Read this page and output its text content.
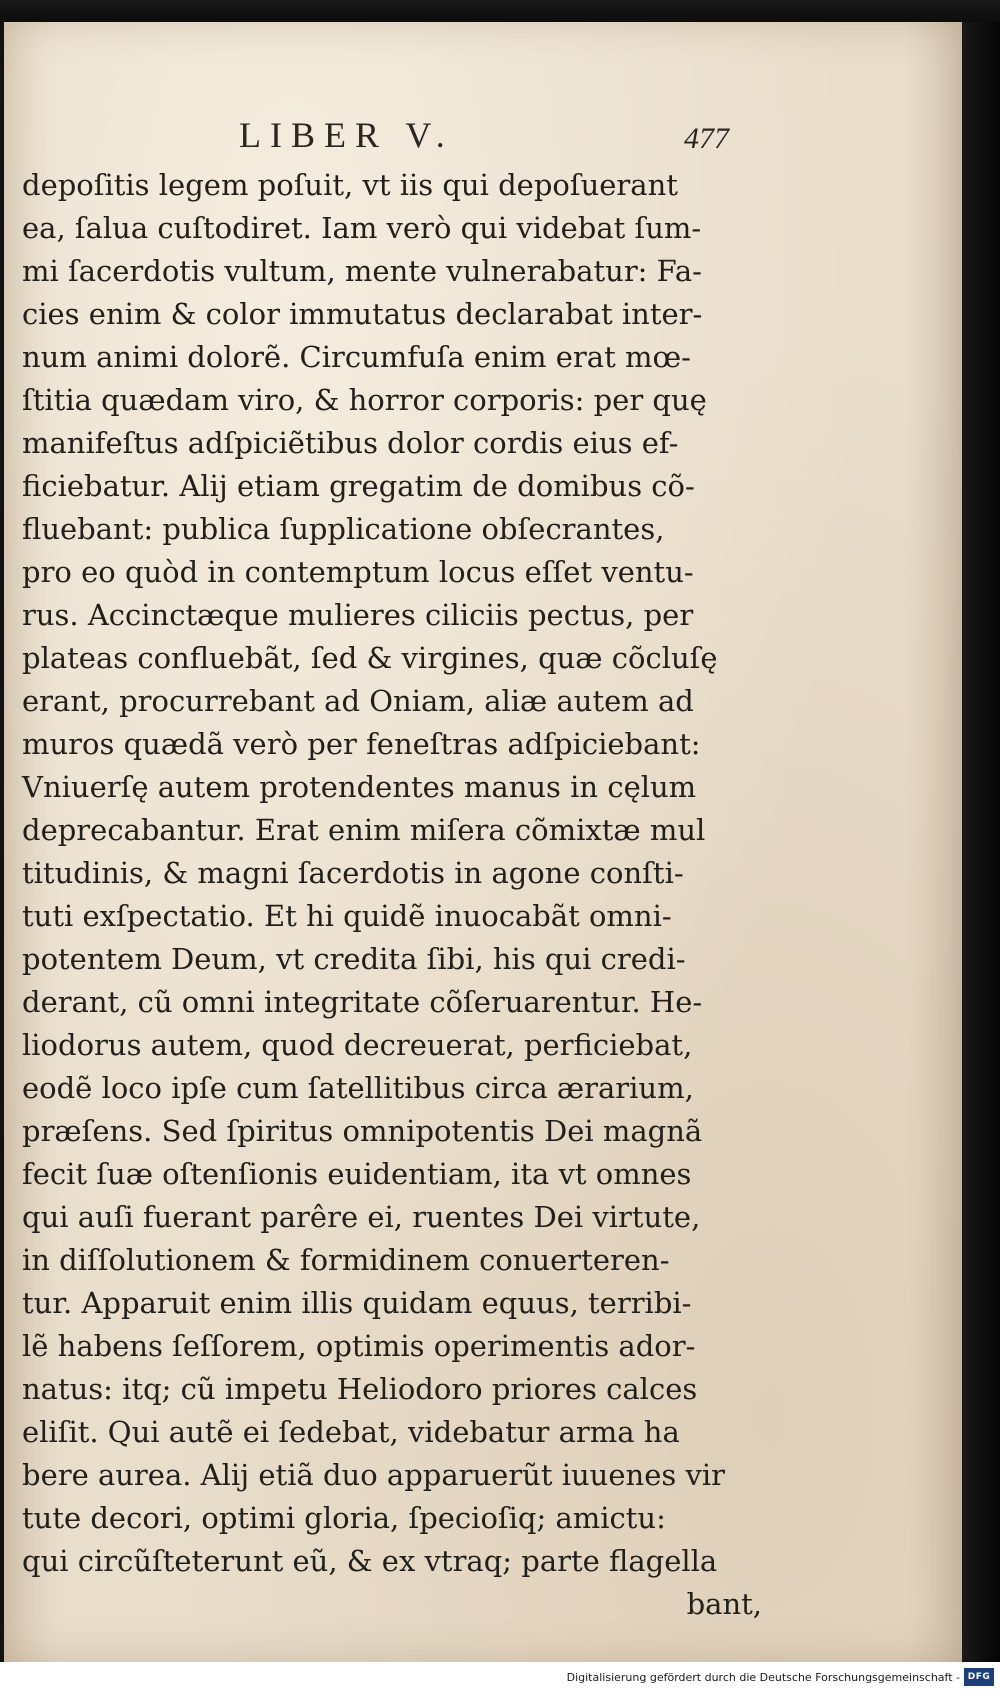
LIBER V.	477
depoſitis legem poſuit, vt iis qui depoſuerant
ea, ſalua cuſtodiret. Iam verò qui videbat ſum-
mi ſacerdotis vultum, mente vulnerabatur: Fa-
cies enim & color immutatus declarabat inter-
num animi dolorẽ. Circumfuſa enim erat mœ-
ſtitia quædam viro, & horror corporis: per quę
manifeſtus adſpiciẽtibus dolor cordis eius ef-
ficiebatur. Alij etiam gregatim de domibus cõ-
fluebant: publica ſupplicatione obſecrantes,
pro eo quòd in contemptum locus eſſet ventu-
rus. Accinctæque mulieres ciliciis pectus, per
plateas confluebãt, ſed & virgines, quæ cõcluſę
erant, procurrebant ad Oniam, aliæ autem ad
muros quædã verò per feneſtras adſpiciebant:
Vniuerſę autem protendentes manus in cęlum
deprecabantur. Erat enim miſera cõmixtæ mul
titudinis, & magni ſacerdotis in agone conſti-
tuti exſpectatio. Et hi quidẽ inuocabãt omni-
potentem Deum, vt credita ſibi, his qui credi-
derant, cũ omni integritate cõſeruarentur. He-
liodorus autem, quod decreuerat, perficiebat,
eodẽ loco ipſe cum ſatellitibus circa ærarium,
præſens. Sed ſpiritus omnipotentis Dei magnã
fecit ſuæ oſtenſionis euidentiam, ita vt omnes
qui auſi fuerant parêre ei, ruentes Dei virtute,
in diſſolutionem & formidinem conuerteren-
tur. Apparuit enim illis quidam equus, terribi-
lẽ habens ſeſſorem, optimis operimentis ador-
natus: itq; cũ impetu Heliodoro priores calces
eliſit. Qui autẽ ei ſedebat, videbatur arma ha
bere aurea. Alij etiã duo apparuerũt iuuenes vir
tute decori, optimi gloria, ſpecioſiq; amictu:
qui circũſteterunt eũ, & ex vtraq; parte flagella
bant,
Digitalisierung gefördert durch die Deutsche Forschungsgemeinschaft - DFG
